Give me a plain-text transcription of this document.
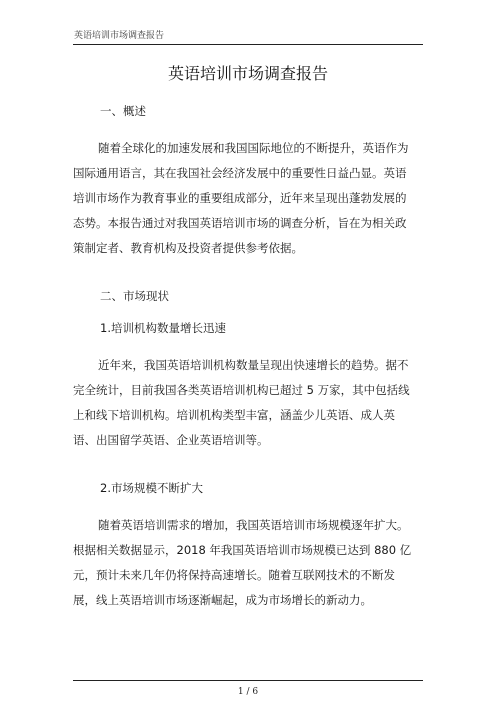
英语培训市场调查报告
英语培训市场调查报告
一、概述

随着全球化的加速发展和我国国际地位的不断提升，英语作为
国际通用语言，其在我国社会经济发展中的重要性日益凸显。英语
培训市场作为教育事业的重要组成部分，近年来呈现出蓬勃发展的
态势。本报告通过对我国英语培训市场的调查分析，旨在为相关政
策制定者、教育机构及投资者提供参考依据。

二、市场现状
1.培训机构数量增长迅速

近年来，我国英语培训机构数量呈现出快速增长的趋势。据不
完全统计，目前我国各类英语培训机构已超过 5 万家，其中包括线
上和线下培训机构。培训机构类型丰富，涵盖少儿英语、成人英
语、出国留学英语、企业英语培训等。

2.市场规模不断扩大

随着英语培训需求的增加，我国英语培训市场规模逐年扩大。
根据相关数据显示，2018 年我国英语培训市场规模已达到 880 亿
元，预计未来几年仍将保持高速增长。随着互联网技术的不断发
展，线上英语培训市场逐渐崛起，成为市场增长的新动力。

1 / 6
